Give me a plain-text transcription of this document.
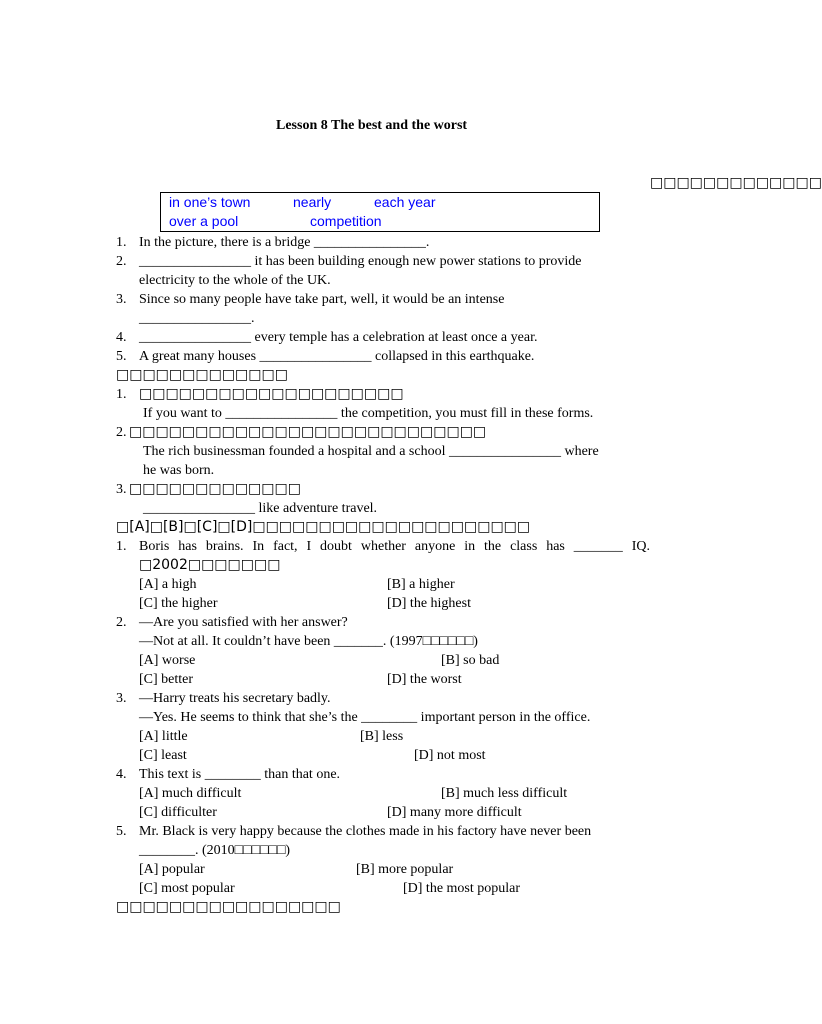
Lesson 8 The best and the worst
□□□□□□□□□□□□□
in one’s town	nearly	each year
over a pool	competition
1. In the picture, there is a bridge ________________.
2. ________________ it has been building enough new power stations to provide
electricity to the whole of the UK.
3. Since so many people have take part, well, it would be an intense
________________.
4. ________________ every temple has a celebration at least once a year.
5. A great many houses ________________ collapsed in this earthquake.
□□□□□□□□□□□□□
1. □□□□□□□□□□□□□□□□□□□□
If you want to ________________ the competition, you must fill in these forms.
2. □□□□□□□□□□□□□□□□□□□□□□□□□□□
The rich businessman founded a hospital and a school ________________ where
he was born.
3. □□□□□□□□□□□□□
________________ like adventure travel.
□[A]□[B]□[C]□[D]□□□□□□□□□□□□□□□□□□□□□
1. Boris has brains. In fact, I doubt whether anyone in the class has _______ IQ.
□2002□□□□□□□
[A] a high	[B] a higher
[C] the higher	[D] the highest
2. —Are you satisfied with her answer?
—Not at all. It couldn’t have been _______. (1997□□□□□□)
[A] worse	[B] so bad
[C] better	[D] the worst
3. —Harry treats his secretary badly.
—Yes. He seems to think that she’s the ________ important person in the office.
[A] little	[B] less
[C] least	[D] not most
4. This text is ________ than that one.
[A] much difficult	[B] much less difficult
[C] difficulter	[D] many more difficult
5. Mr. Black is very happy because the clothes made in his factory have never been
________. (2010□□□□□□)
[A] popular	[B] more popular
[C] most popular	[D] the most popular
□□□□□□□□□□□□□□□□□
